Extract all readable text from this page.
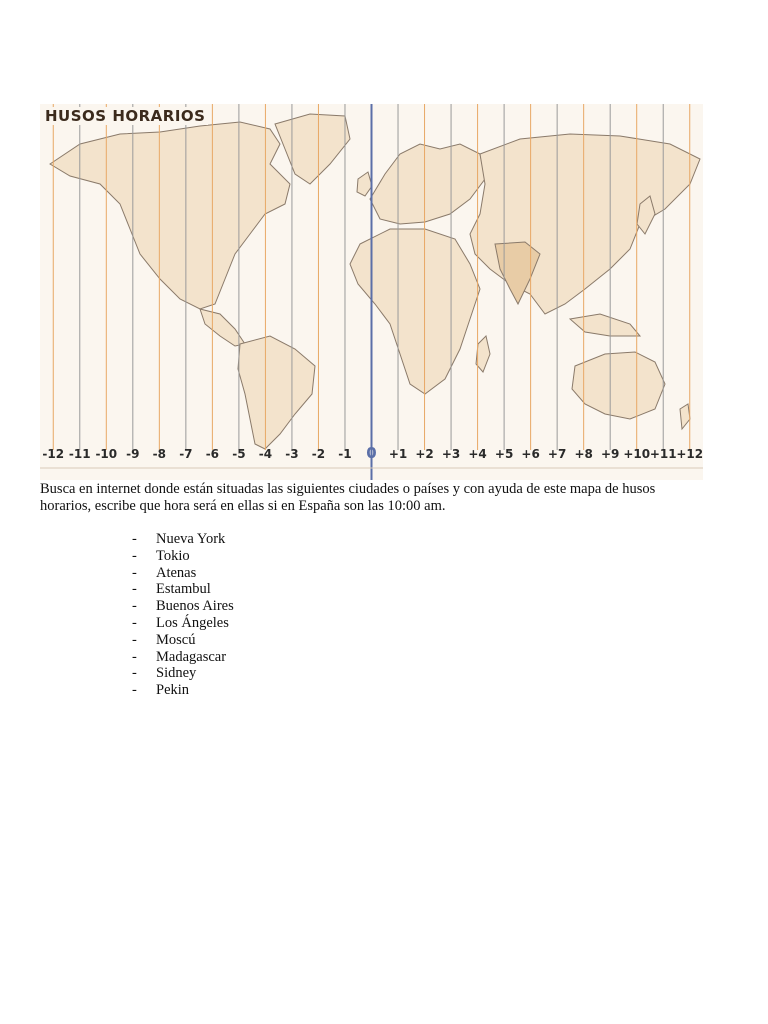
-12 -11 -10 -9 -8 -7 -6 -5 -4 -3 -2 -1 0 +1 +2 +3 +4 +5 +6 +7 +8 +9 +10 +11 +12
HUSOS HORARIOS

Busca en internet donde están situadas las siguientes ciudades o países y con ayuda de este mapa de husos horarios, escribe que hora será en ellas si en España son las 10:00 am.

-	Nueva York
-	Tokio
-	Atenas
-	Estambul
-	Buenos Aires
-	Los Ángeles
-	Moscú
-	Madagascar
-	Sidney
-	Pekin
